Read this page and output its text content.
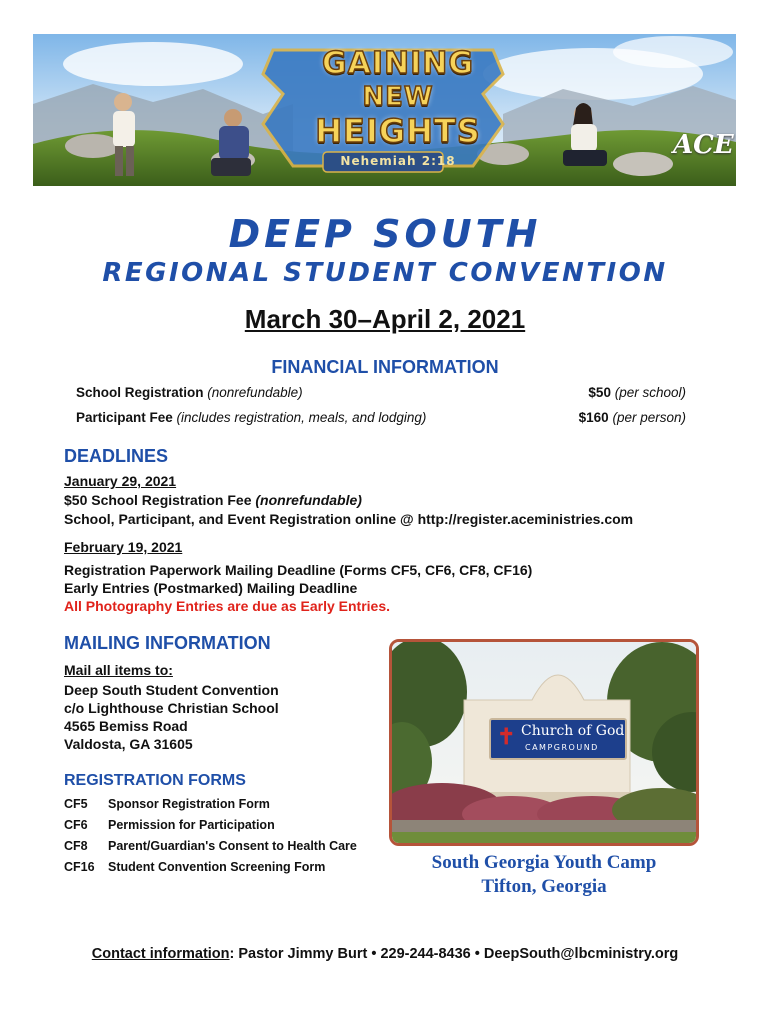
GAINING
NEW
HEIGHTS
Nehemiah 2:18
ACE
DEEP SOUTH
REGIONAL STUDENT CONVENTION
March 30–April 2, 2021
FINANCIAL INFORMATION
School Registration (nonrefundable)	$50 (per school)
Participant Fee (includes registration, meals, and lodging)	$160 (per person)
DEADLINES
January 29, 2021
$50 School Registration Fee (nonrefundable)
School, Participant, and Event Registration online @ http://register.aceministries.com
February 19, 2021
Registration Paperwork Mailing Deadline (Forms CF5, CF6, CF8, CF16)
Early Entries (Postmarked) Mailing Deadline
All Photography Entries are due as Early Entries.
MAILING INFORMATION
Mail all items to:
Deep South Student Convention
c/o Lighthouse Christian School
4565 Bemiss Road
Valdosta, GA 31605
REGISTRATION FORMS
CF5 Sponsor Registration Form
CF6 Permission for Participation
CF8 Parent/Guardian's Consent to Health Care
CF16 Student Convention Screening Form
✝ Church of God
CAMPGROUND
South Georgia Youth Camp
Tifton, Georgia
Contact information: Pastor Jimmy Burt • 229-244-8436 • DeepSouth@lbcministry.org
